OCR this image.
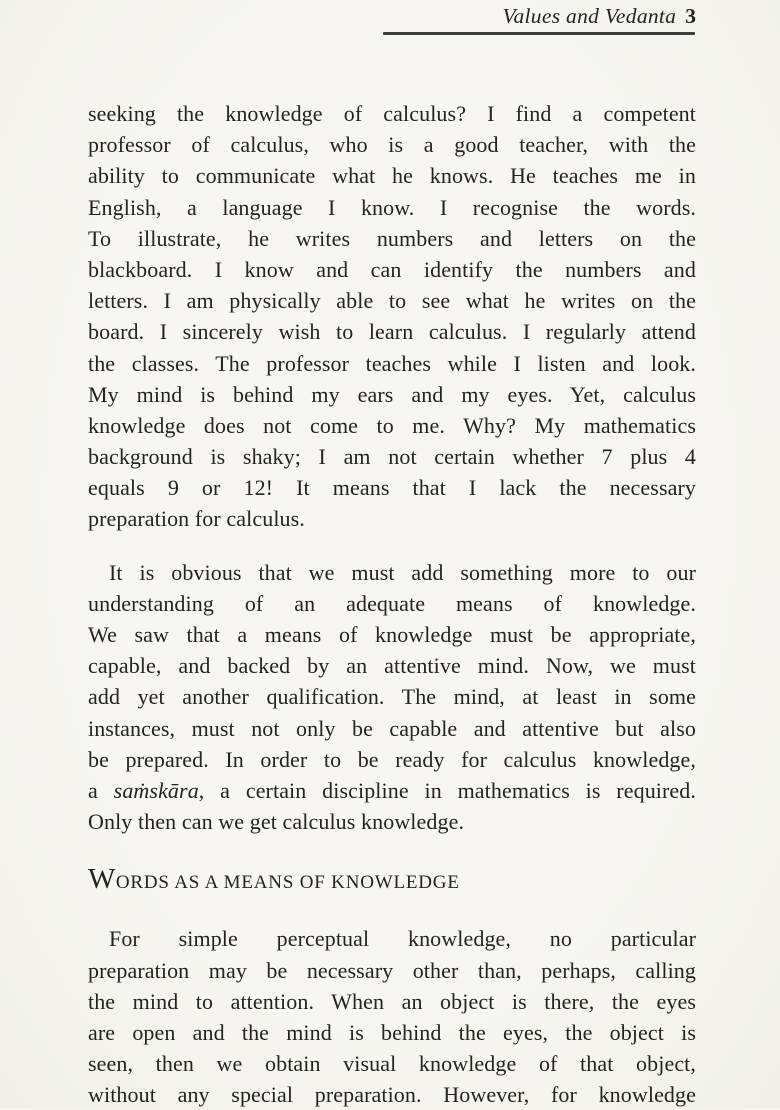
Values and Vedanta 3
seeking the knowledge of calculus? I find a competent
professor of calculus, who is a good teacher, with the
ability to communicate what he knows. He teaches me in
English, a language I know. I recognise the words.
To illustrate, he writes numbers and letters on the
blackboard. I know and can identify the numbers and
letters. I am physically able to see what he writes on the
board. I sincerely wish to learn calculus. I regularly attend
the classes. The professor teaches while I listen and look.
My mind is behind my ears and my eyes. Yet, calculus
knowledge does not come to me. Why? My mathematics
background is shaky; I am not certain whether 7 plus 4
equals 9 or 12! It means that I lack the necessary
preparation for calculus.
It is obvious that we must add something more to our
understanding of an adequate means of knowledge.
We saw that a means of knowledge must be appropriate,
capable, and backed by an attentive mind. Now, we must
add yet another qualification. The mind, at least in some
instances, must not only be capable and attentive but also
be prepared. In order to be ready for calculus knowledge,
a saṁskāra, a certain discipline in mathematics is required.
Only then can we get calculus knowledge.
WORDS AS A MEANS OF KNOWLEDGE
For simple perceptual knowledge, no particular
preparation may be necessary other than, perhaps, calling
the mind to attention. When an object is there, the eyes
are open and the mind is behind the eyes, the object is
seen, then we obtain visual knowledge of that object,
without any special preparation. However, for knowledge
